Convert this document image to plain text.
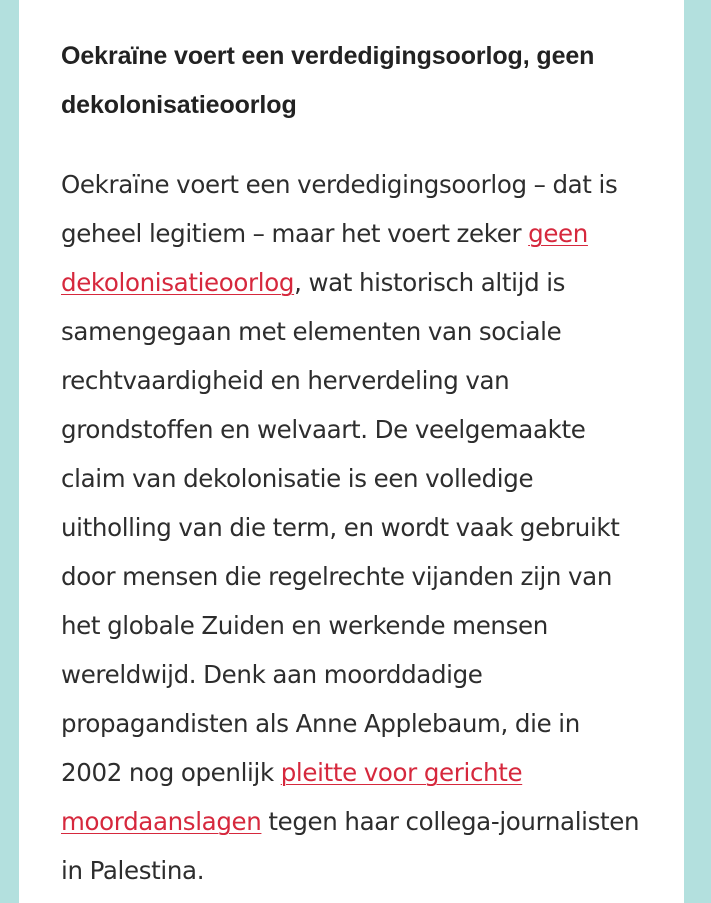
Oekraïne voert een verdedigingsoorlog, geen dekolonisatieoorlog

Oekraïne voert een verdedigingsoorlog – dat is geheel legitiem – maar het voert zeker geen dekolonisatieoorlog, wat historisch altijd is samengegaan met elementen van sociale rechtvaardigheid en herverdeling van grondstoffen en welvaart. De veelgemaakte claim van dekolonisatie is een volledige uitholling van die term, en wordt vaak gebruikt door mensen die regelrechte vijanden zijn van het globale Zuiden en werkende mensen wereldwijd. Denk aan moorddadige propagandisten als Anne Applebaum, die in 2002 nog openlijk pleitte voor gerichte moordaanslagen tegen haar collega-journalisten in Palestina.
